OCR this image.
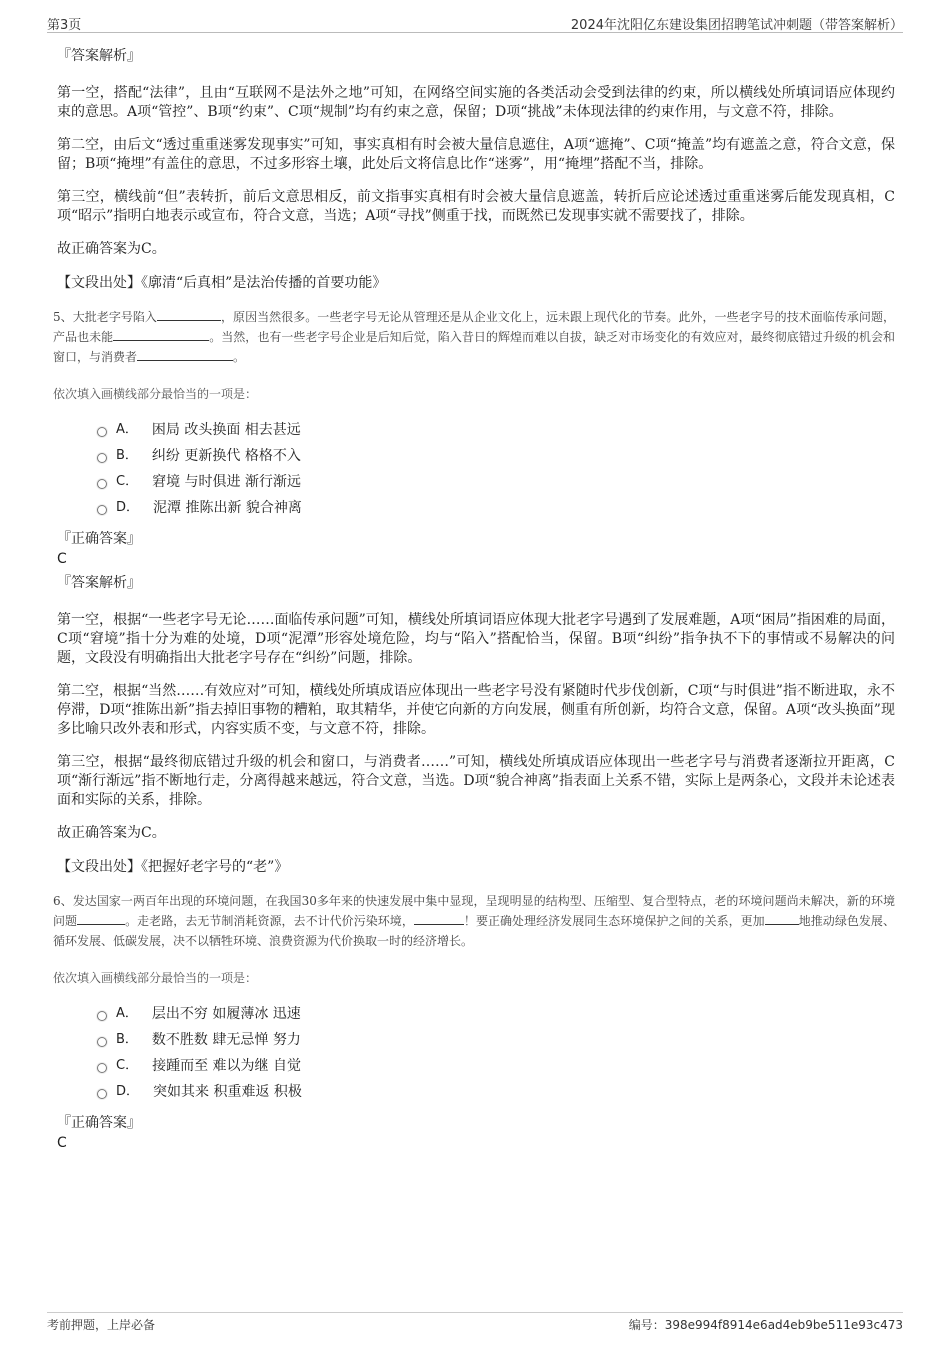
第3页	2024年沈阳亿东建设集团招聘笔试冲刺题（带答案解析）
『答案解析』

第一空，搭配“法律”，且由“互联网不是法外之地”可知，在网络空间实施的各类活动会受到法律的约束，所以横线处所填词语应体现约束的意思。A项“管控”、B项“约束”、C项“规制”均有约束之意，保留；D项“挑战”未体现法律的约束作用，与文意不符，排除。

第二空，由后文“透过重重迷雾发现事实”可知，事实真相有时会被大量信息遮住，A项“遮掩”、C项“掩盖”均有遮盖之意，符合文意，保留；B项“掩埋”有盖住的意思，不过多形容土壤，此处后文将信息比作“迷雾”，用“掩埋”搭配不当，排除。

第三空，横线前“但”表转折，前后文意思相反，前文指事实真相有时会被大量信息遮盖，转折后应论述透过重重迷雾后能发现真相，C项“昭示”指明白地表示或宣布，符合文意，当选；A项“寻找”侧重于找，而既然已发现事实就不需要找了，排除。

故正确答案为C。

【文段出处】《廓清“后真相”是法治传播的首要功能》
5、大批老字号陷入	，原因当然很多。一些老字号无论从管理还是从企业文化上，远未跟上现代化的节奏。此外，一些老字号的技术面临传承问题，产品也未能	。当然，也有一些老字号企业是后知后觉，陷入昔日的辉煌而难以自拔，缺乏对市场变化的有效应对，最终彻底错过升级的机会和窗口，与消费者	。
依次填入画横线部分最恰当的一项是：
A． 困局 改头换面 相去甚远
B． 纠纷 更新换代 格格不入
C． 窘境 与时俱进 渐行渐远
D． 泥潭 推陈出新 貌合神离
『正确答案』
C
『答案解析』

第一空，根据“一些老字号无论……面临传承问题”可知，横线处所填词语应体现大批老字号遇到了发展难题，A项“困局”指困难的局面，C项“窘境”指十分为难的处境，D项“泥潭”形容处境危险，均与“陷入”搭配恰当，保留。B项“纠纷”指争执不下的事情或不易解决的问题，文段没有明确指出大批老字号存在“纠纷”问题，排除。

第二空，根据“当然……有效应对”可知，横线处所填成语应体现出一些老字号没有紧随时代步伐创新，C项“与时俱进”指不断进取，永不停滞，D项“推陈出新”指去掉旧事物的糟粕，取其精华，并使它向新的方向发展，侧重有所创新，均符合文意，保留。A项“改头换面”现多比喻只改外表和形式，内容实质不变，与文意不符，排除。

第三空，根据“最终彻底错过升级的机会和窗口，与消费者……”可知，横线处所填成语应体现出一些老字号与消费者逐渐拉开距离，C项“渐行渐远”指不断地行走，分离得越来越远，符合文意，当选。D项“貌合神离”指表面上关系不错，实际上是两条心，文段并未论述表面和实际的关系，排除。

故正确答案为C。

【文段出处】《把握好老字号的“老”》
6、发达国家一两百年出现的环境问题，在我国30多年来的快速发展中集中显现，呈现明显的结构型、压缩型、复合型特点，老的环境问题尚未解决，新的环境问题	。走老路，去无节制消耗资源，去不计代价污染环境，	！要正确处理经济发展同生态环境保护之间的关系，更加	地推动绿色发展、循环发展、低碳发展，决不以牺牲环境、浪费资源为代价换取一时的经济增长。
依次填入画横线部分最恰当的一项是：
A． 层出不穷 如履薄冰 迅速
B． 数不胜数 肆无忌惮 努力
C． 接踵而至 难以为继 自觉
D． 突如其来 积重难返 积极
『正确答案』
C
考前押题，上岸必备	编号：398e994f8914e6ad4eb9be511e93c473
